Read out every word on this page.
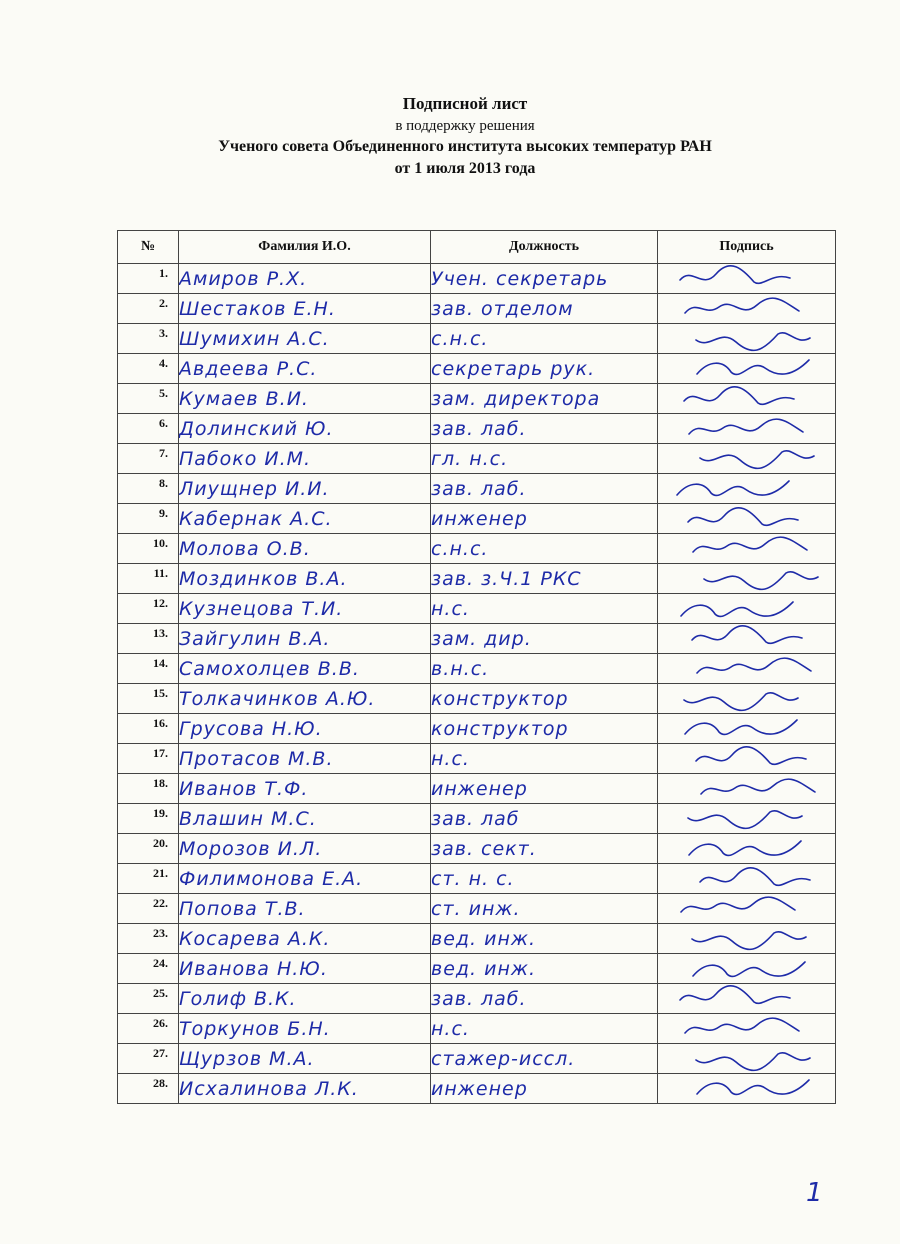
Подписной лист
в поддержку решения
Ученого совета Объединенного института высоких температур РАН
от 1 июля 2013 года
№	Фамилия И.О.	Должность	Подпись
1.	Амиров Р.Х.	Учен. секретарь	

2.	Шестаков Е.Н.	зав. отделом	

3.	Шумихин А.С.	с.н.с.	

4.	Авдеева Р.С.	секретарь рук.	

5.	Кумаев В.И.	зам. директора	

6.	Долинский Ю.	зав. лаб.	

7.	Пабоко И.М.	гл. н.с.	

8.	Лиущнер И.И.	зав. лаб.	

9.	Кабернак А.С.	инженер	

10.	Молова О.В.	с.н.с.	

11.	Моздинков В.А.	зав. з.Ч.1 РКС	

12.	Кузнецова Т.И.	н.с.	

13.	Зайгулин В.А.	зам. дир.	

14.	Самохолцев В.В.	в.н.с.	

15.	Толкачинков А.Ю.	конструктор	

16.	Грусова Н.Ю.	конструктор	

17.	Протасов М.В.	н.с.	

18.	Иванов Т.Ф.	инженер	

19.	Влашин М.С.	зав. лаб	

20.	Морозов И.Л.	зав. сект.	

21.	Филимонова Е.А.	ст. н. с.	

22.	Попова Т.В.	ст. инж.	

23.	Косарева А.К.	вед. инж.	

24.	Иванова Н.Ю.	вед. инж.	

25.	Голиф В.К.	зав. лаб.	

26.	Торкунов Б.Н.	н.с.	

27.	Щурзов М.А.	стажер-иссл.	

28.	Исхалинова Л.К.	инженер	
1
